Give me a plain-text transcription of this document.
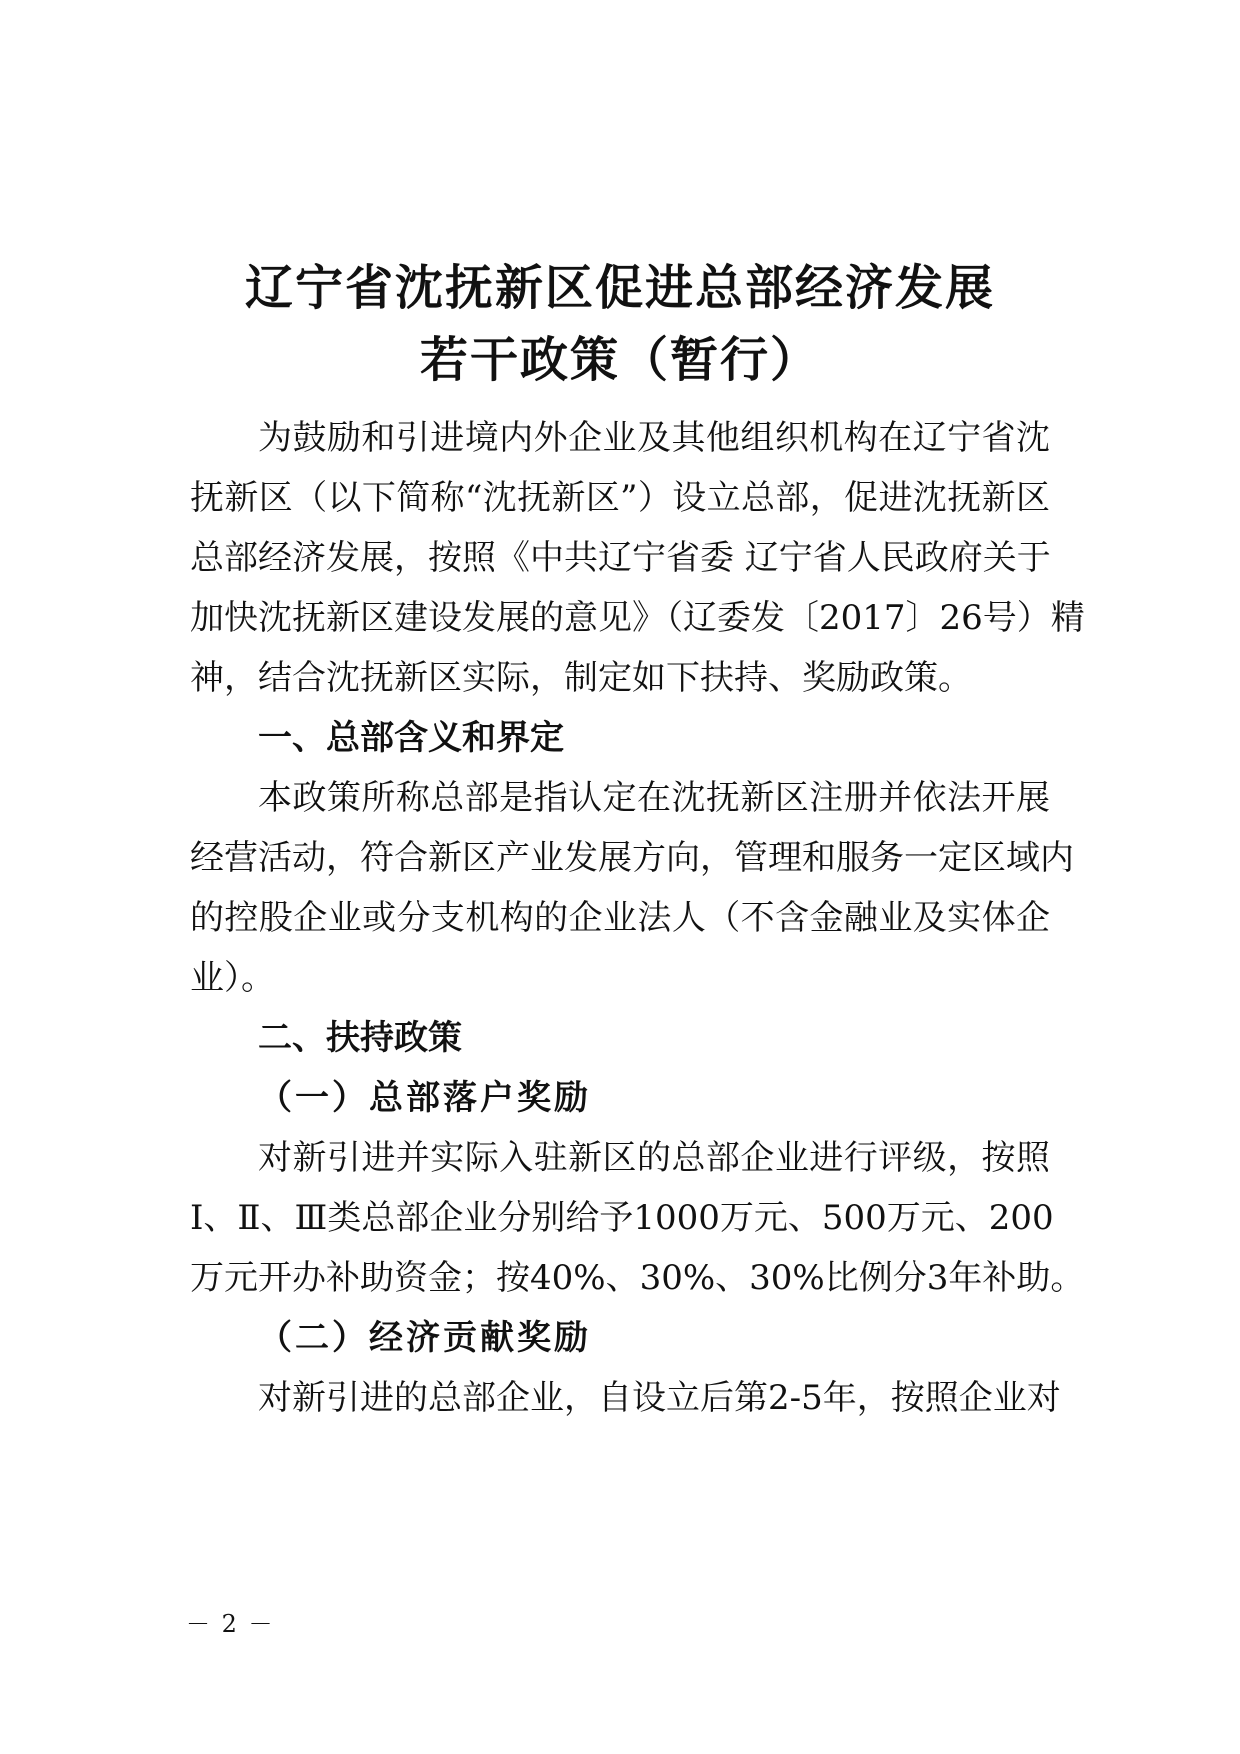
辽宁省沈抚新区促进总部经济发展
若干政策（暂行）
为鼓励和引进境内外企业及其他组织机构在辽宁省沈
抚新区（以下简称“沈抚新区”）设立总部，促进沈抚新区
总部经济发展，按照《中共辽宁省委 辽宁省人民政府关于
加快沈抚新区建设发展的意见》（辽委发〔2017〕26号）精
神，结合沈抚新区实际，制定如下扶持、奖励政策。
一、总部含义和界定
本政策所称总部是指认定在沈抚新区注册并依法开展
经营活动，符合新区产业发展方向，管理和服务一定区域内
的控股企业或分支机构的企业法人（不含金融业及实体企
业）。
二、扶持政策
（一）总部落户奖励
对新引进并实际入驻新区的总部企业进行评级，按照
Ⅰ、Ⅱ、Ⅲ类总部企业分别给予1000万元、500万元、200
万元开办补助资金；按40%、30%、30%比例分3年补助。
（二）经济贡献奖励
对新引进的总部企业，自设立后第2-5年，按照企业对
－ 2 －
